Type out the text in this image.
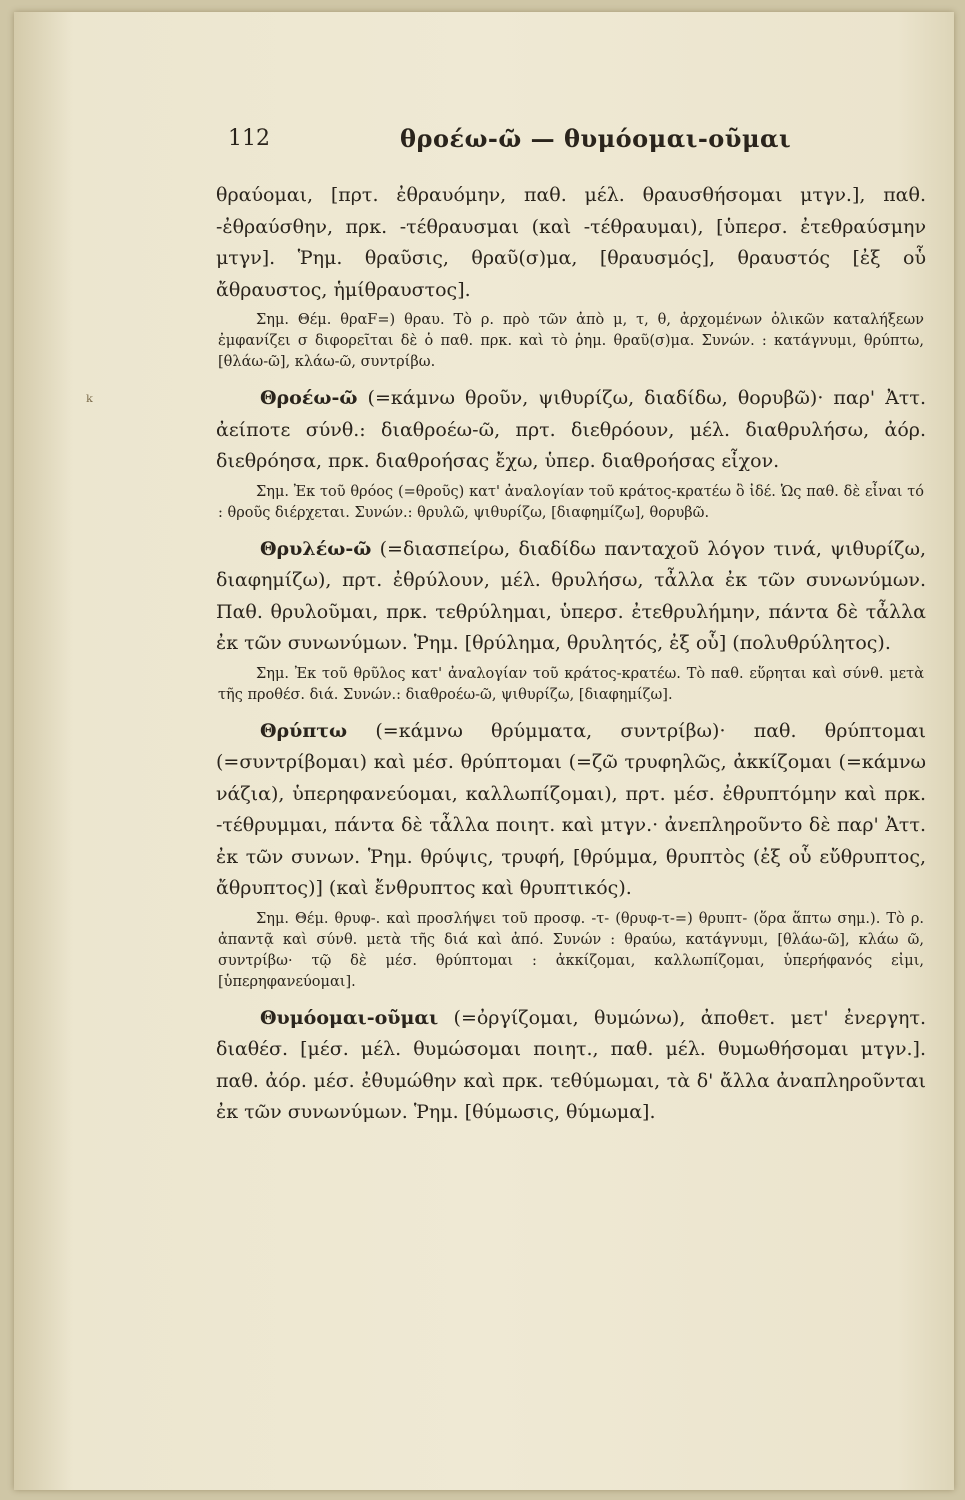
ᵏ
112	θροέω-ῶ — θυμόομαι-οῦμαι

θραύομαι, [πρτ. ἐθραυόμην, παθ. μέλ. θραυσθήσομαι μτγν.], παθ. -ἐθραύσθην, πρκ. -τέθραυσμαι (καὶ -τέθραυμαι), [ὑπερσ. ἐτεθραύσμην μτγν]. Ῥημ. θραῦσις, θραῦ(σ)μα, [θραυσμός], θραυστός [ἐξ οὗ ἄθραυστος, ἡμίθραυστος].

Σημ. Θέμ. θραF=) θραυ. Τὸ ρ. πρὸ τῶν ἀπὸ μ, τ, θ, ἀρχομένων ὁλικῶν καταλήξεων ἐμφανίζει σ διφορεῖται δὲ ὁ παθ. πρκ. καὶ τὸ ῥημ. θραῦ(σ)μα. Συνών. : κατάγνυμι, θρύπτω, [θλάω-ῶ], κλάω-ῶ, συντρίβω.

Θροέω-ῶ (=κάμνω θροῦν, ψιθυρίζω, διαδίδω, θορυβῶ)· παρ' Ἀττ. ἀείποτε σύνθ.: διαθροέω-ῶ, πρτ. διεθρόουν, μέλ. διαθρυλήσω, ἀόρ. διεθρόησα, πρκ. διαθροήσας ἔχω, ὑπερ. διαθροήσας εἶχον.

Σημ. Ἐκ τοῦ θρόος (=θροῦς) κατ' ἀναλογίαν τοῦ κράτος-κρατέω ὃ ἰδέ. Ὡς παθ. δὲ εἶναι τό : θροῦς διέρχεται. Συνών.: θρυλῶ, ψιθυρίζω, [διαφημίζω], θορυβῶ.

Θρυλέω-ῶ (=διασπείρω, διαδίδω πανταχοῦ λόγον τινά, ψιθυρίζω, διαφημίζω), πρτ. ἐθρύλουν, μέλ. θρυλήσω, τἆλλα ἐκ τῶν συνωνύμων. Παθ. θρυλοῦμαι, πρκ. τεθρύλημαι, ὑπερσ. ἐτεθρυλήμην, πάντα δὲ τἆλλα ἐκ τῶν συνωνύμων. Ῥημ. [θρύλημα, θρυλητός, ἐξ οὗ] (πολυθρύλητος).

Σημ. Ἐκ τοῦ θρῦλος κατ' ἀναλογίαν τοῦ κράτος-κρατέω. Τὸ παθ. εὕρηται καὶ σύνθ. μετὰ τῆς προθέσ. διά. Συνών.: διαθροέω-ῶ, ψιθυρίζω, [διαφημίζω].

Θρύπτω (=κάμνω θρύμματα, συντρίβω)· παθ. θρύπτομαι (=συντρίβομαι) καὶ μέσ. θρύπτομαι (=ζῶ τρυφηλῶς, ἀκκίζομαι (=κάμνω νάζια), ὑπερηφανεύομαι, καλλωπίζομαι), πρτ. μέσ. ἐθρυπτόμην καὶ πρκ. -τέθρυμμαι, πάντα δὲ τἆλλα ποιητ. καὶ μτγν.· ἀνεπληροῦντο δὲ παρ' Ἀττ. ἐκ τῶν συνων. Ῥημ. θρύψις, τρυφή, [θρύμμα, θρυπτὸς (ἐξ οὗ εὔθρυπτος, ἄθρυπτος)] (καὶ ἔνθρυπτος καὶ θρυπτικός).

Σημ. Θέμ. θρυφ-. καὶ προσλήψει τοῦ προσφ. -τ- (θρυφ-τ-=) θρυπτ- (ὅρα ἅπτω σημ.). Τὸ ρ. ἀπαντᾷ καὶ σύνθ. μετὰ τῆς διά καὶ ἀπό. Συνών : θραύω, κατάγνυμι, [θλάω-ῶ], κλάω ῶ, συντρίβω· τῷ δὲ μέσ. θρύπτομαι : ἀκκίζομαι, καλλωπίζομαι, ὑπερήφανός εἰμι, [ὑπερηφανεύομαι].

Θυμόομαι-οῦμαι (=ὀργίζομαι, θυμώνω), ἀποθετ. μετ' ἐνεργητ. διαθέσ. [μέσ. μέλ. θυμώσομαι ποιητ., παθ. μέλ. θυμωθήσομαι μτγν.]. παθ. ἀόρ. μέσ. ἐθυμώθην καὶ πρκ. τεθύμωμαι, τὰ δ' ἄλλα ἀναπληροῦνται ἐκ τῶν συνωνύμων. Ῥημ. [θύμωσις, θύμωμα].
